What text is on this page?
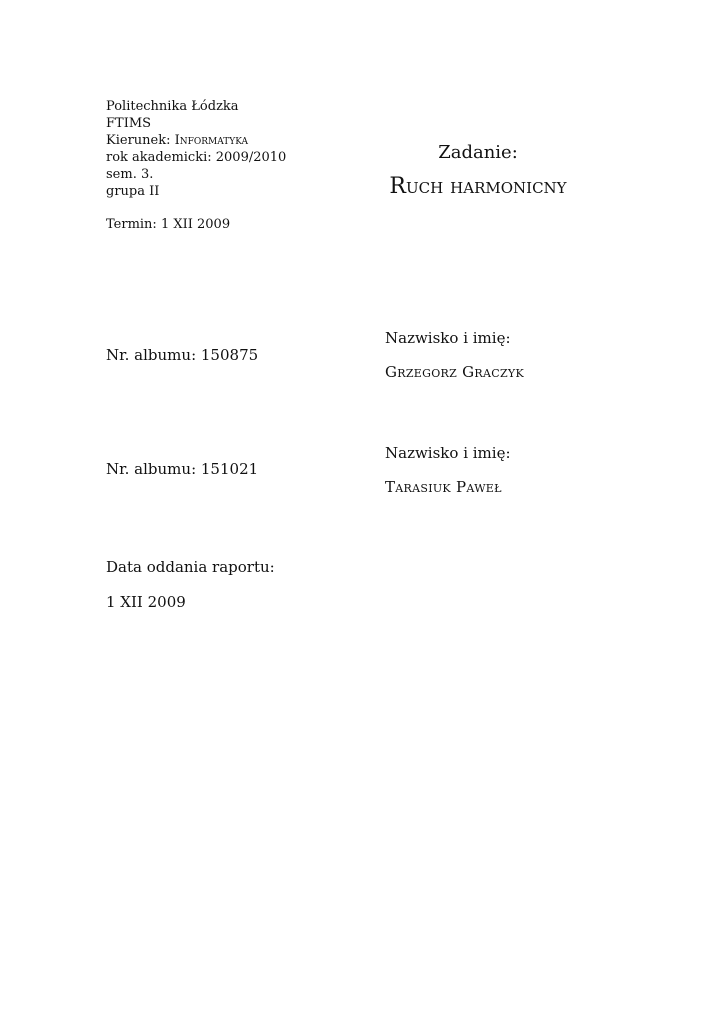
Politechnika Łódzka
FTIMS
Kierunek: Informatyka
rok akademicki: 2009/2010
sem. 3.
grupa II
Termin: 1 XII 2009
Zadanie:
Ruch harmonicny
Nr. albumu: 150875
Nazwisko i imię:
Grzegorz Graczyk
Nr. albumu: 151021
Nazwisko i imię:
Tarasiuk Paweł
Data oddania raportu:
1 XII 2009
